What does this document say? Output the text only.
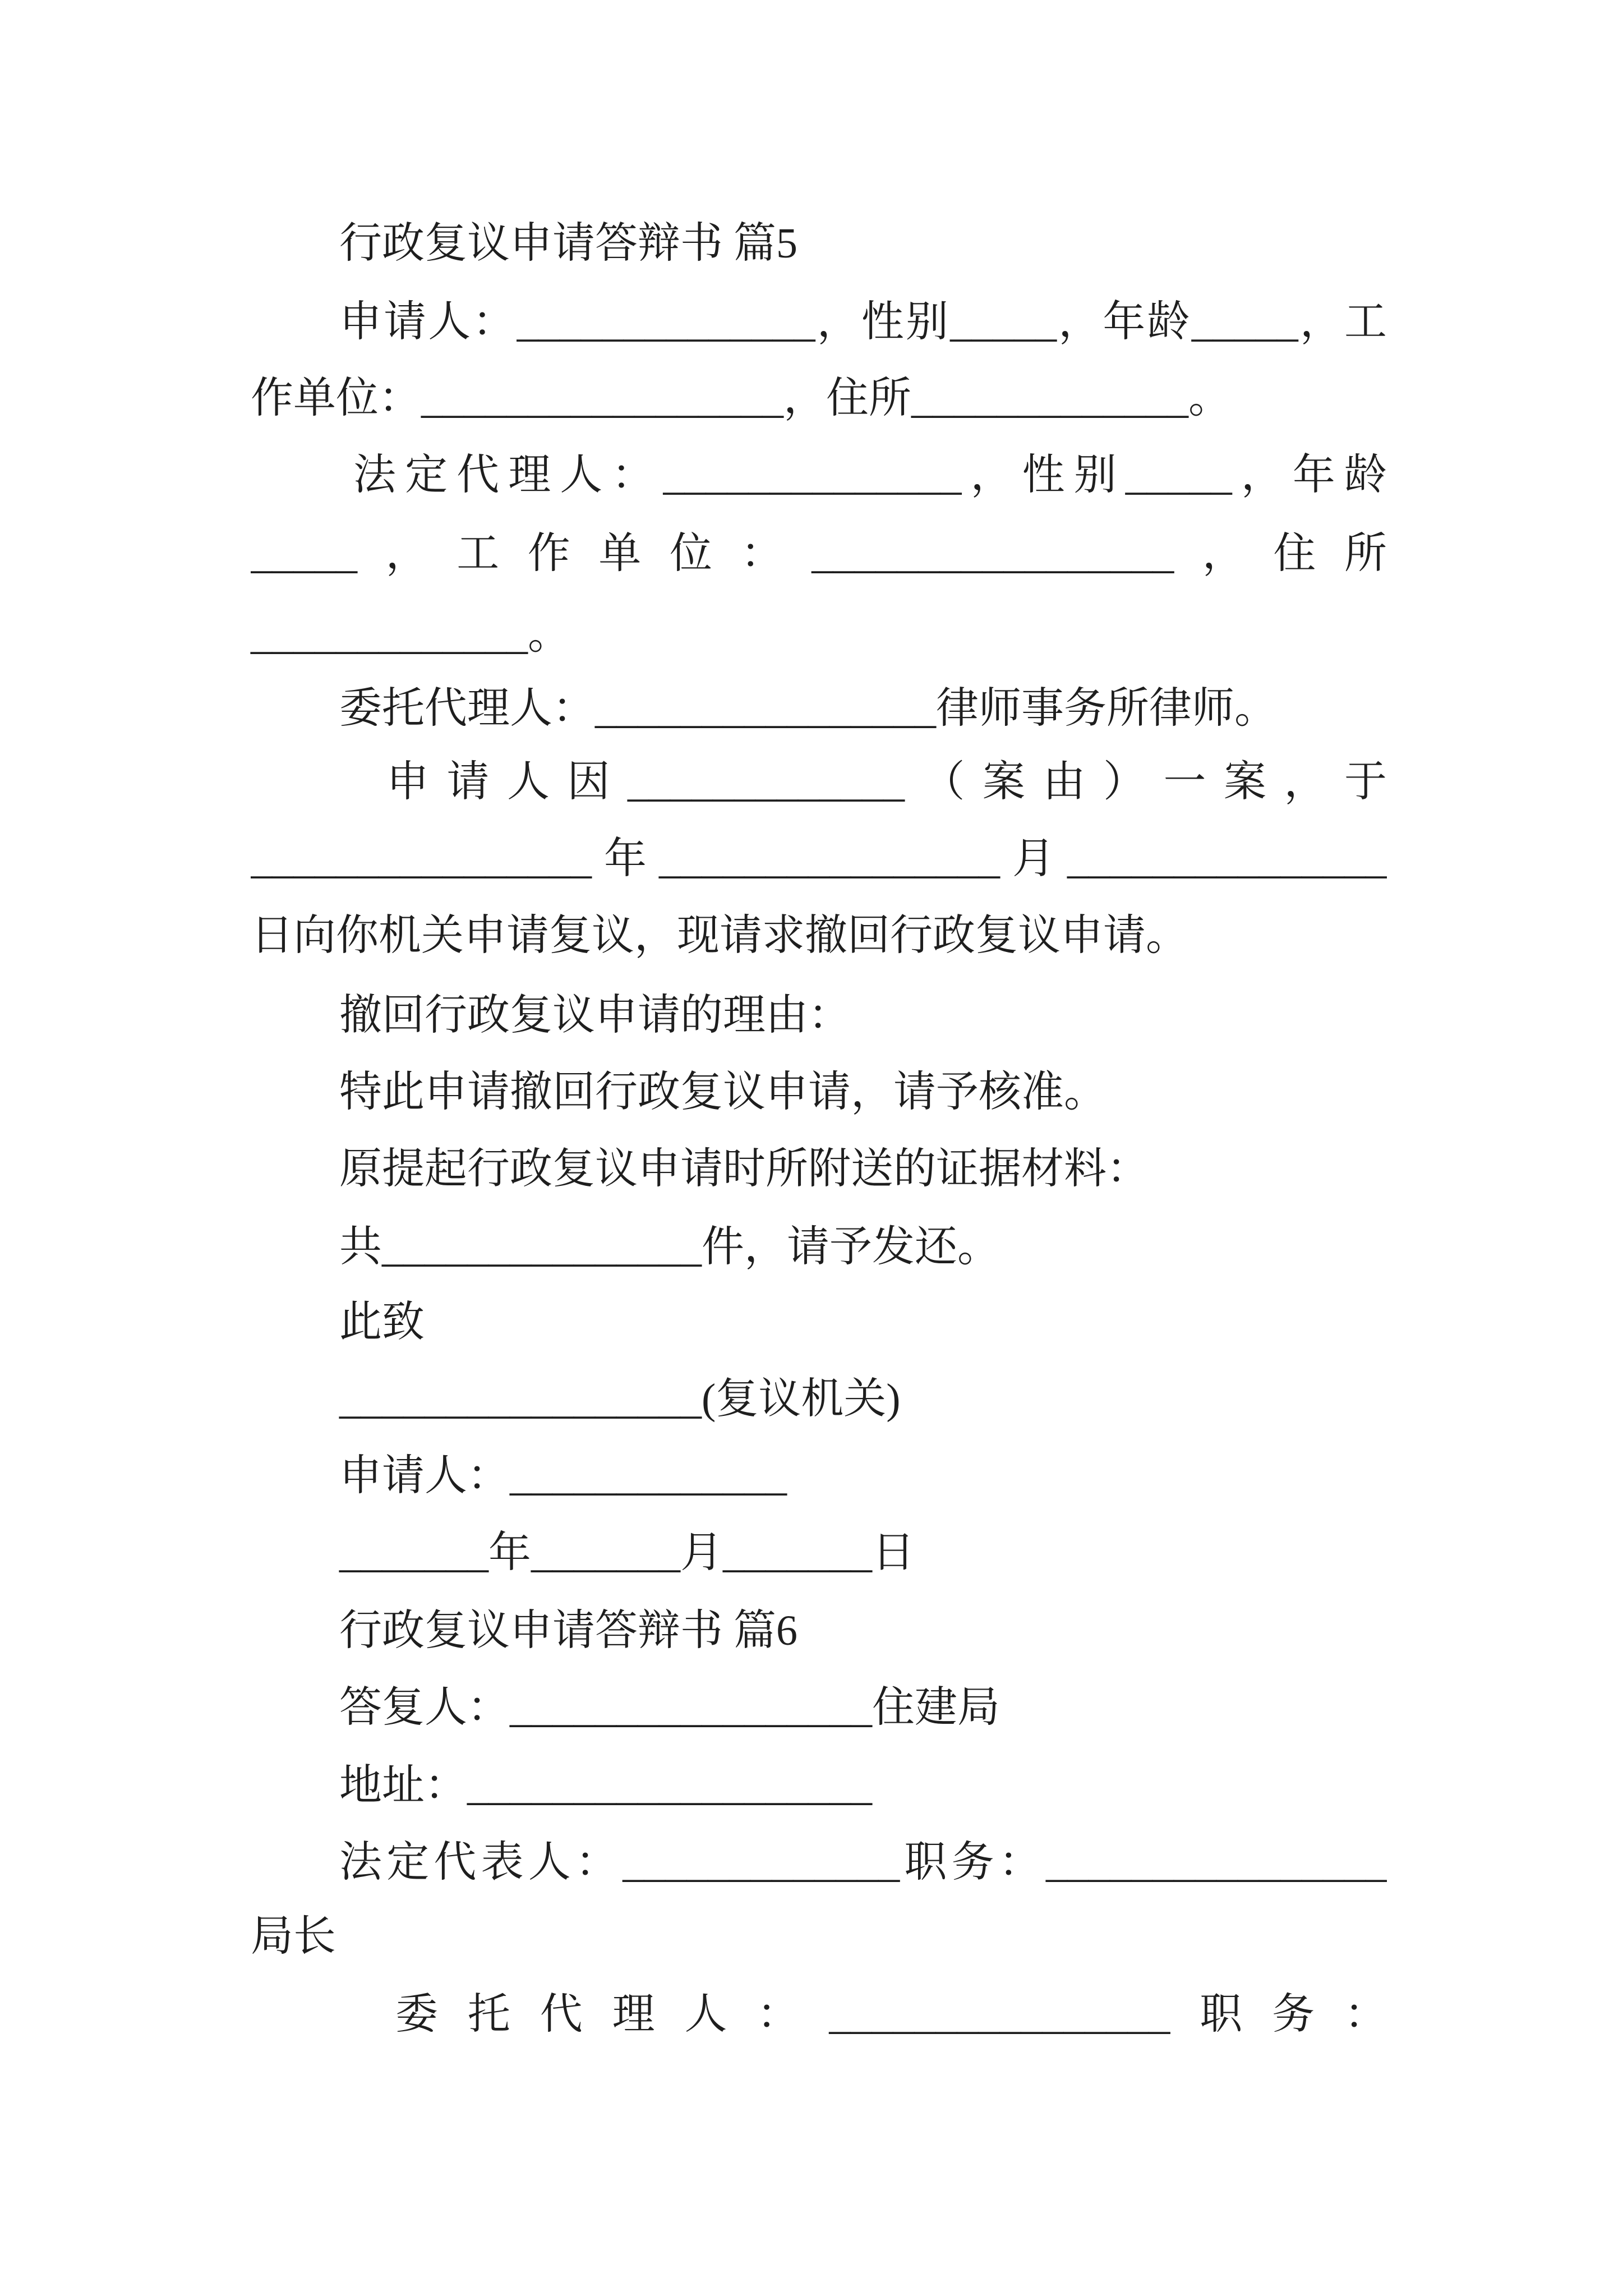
行政复议申请答辩书 篇5
申请人：______________，性别_____，年龄_____，工
作单位：_________________，住所_____________。
法定代理人：______________，性别_____，年龄
_____，工作单位：_________________，住所
_____________。
委托代理人：________________律师事务所律师。
申请人因_____________（案由）一案，于
________________年________________月_______________
日向你机关申请复议，现请求撤回行政复议申请。
撤回行政复议申请的理由：
特此申请撤回行政复议申请，请予核准。
原提起行政复议申请时所附送的证据材料：
共_______________件，请予发还。
此致
_________________(复议机关)
申请人：_____________
_______年_______月_______日
行政复议申请答辩书 篇6
答复人：_________________住建局
地址：___________________
法定代表人：_____________职务：________________
局长
委托代理人：________________职务：
